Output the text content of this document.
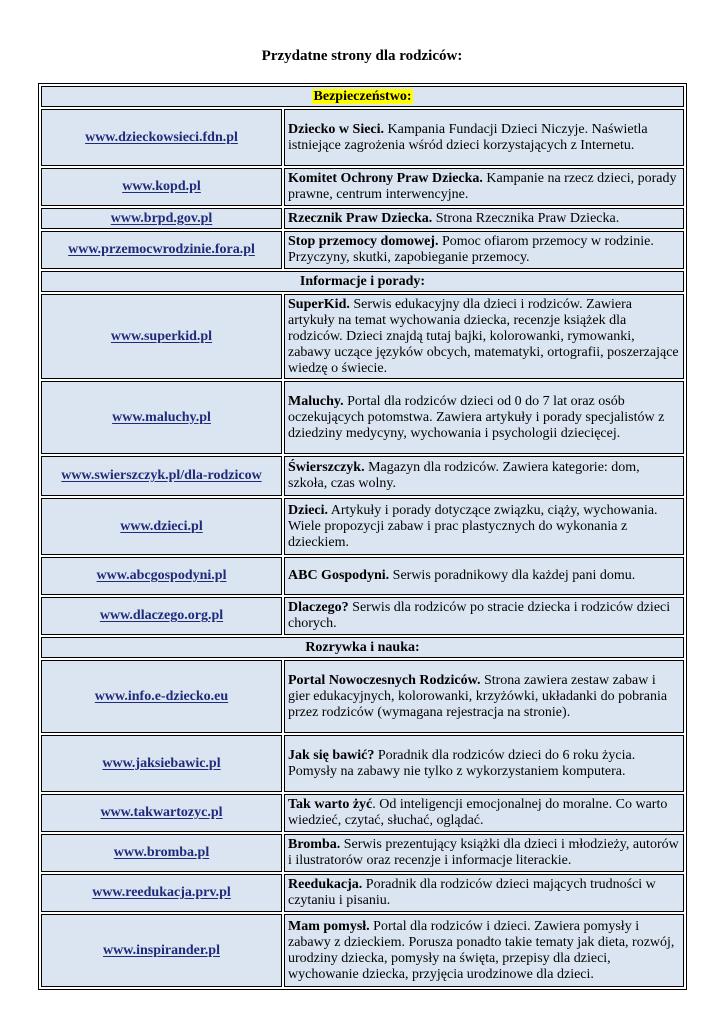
Przydatne strony dla rodziców:
Bezpieczeństwo:	
www.dzieckowsieci.fdn.pl	Dziecko w Sieci. Kampania Fundacji Dzieci Niczyje. Naświetla istniejące zagrożenia wśród dzieci korzystających z Internetu.
www.kopd.pl	Komitet Ochrony Praw Dziecka. Kampanie na rzecz dzieci, porady prawne, centrum interwencyjne.
www.brpd.gov.pl	Rzecznik Praw Dziecka. Strona Rzecznika Praw Dziecka.
www.przemocwrodzinie.fora.pl	Stop przemocy domowej. Pomoc ofiarom przemocy w rodzinie. Przyczyny, skutki, zapobieganie przemocy.
Informacje i porady:	
www.superkid.pl	SuperKid. Serwis edukacyjny dla dzieci i rodziców. Zawiera artykuły na temat wychowania dziecka, recenzje książek dla rodziców. Dzieci znajdą tutaj bajki, kolorowanki, rymowanki, zabawy uczące języków obcych, matematyki, ortografii, poszerzające wiedzę o świecie.
www.maluchy.pl	Maluchy. Portal dla rodziców dzieci od 0 do 7 lat oraz osób oczekujących potomstwa. Zawiera artykuły i porady specjalistów z dziedziny medycyny, wychowania i psychologii dziecięcej.
www.swierszczyk.pl/dla-rodzicow	Świerszczyk. Magazyn dla rodziców. Zawiera kategorie: dom, szkoła, czas wolny.
www.dzieci.pl	Dzieci. Artykuły i porady dotyczące związku, ciąży, wychowania. Wiele propozycji zabaw i prac plastycznych do wykonania z dzieckiem.
www.abcgospodyni.pl	ABC Gospodyni. Serwis poradnikowy dla każdej pani domu.
www.dlaczego.org.pl	Dlaczego? Serwis dla rodziców po stracie dziecka i rodziców dzieci chorych.
Rozrywka i nauka:	
www.info.e-dziecko.eu	Portal Nowoczesnych Rodziców. Strona zawiera zestaw zabaw i gier edukacyjnych, kolorowanki, krzyżówki, układanki do pobrania przez rodziców (wymagana rejestracja na stronie).
www.jaksiebawic.pl	Jak się bawić? Poradnik dla rodziców dzieci do 6 roku życia. Pomysły na zabawy nie tylko z wykorzystaniem komputera.
www.takwartozyc.pl	Tak warto żyć. Od inteligencji emocjonalnej do moralne. Co warto wiedzieć, czytać, słuchać, oglądać.
www.bromba.pl	Bromba. Serwis prezentujący książki dla dzieci i młodzieży, autorów i ilustratorów oraz recenzje i informacje literackie.
www.reedukacja.prv.pl	Reedukacja. Poradnik dla rodziców dzieci mających trudności w czytaniu i pisaniu.
www.inspirander.pl	Mam pomysł. Portal dla rodziców i dzieci. Zawiera pomysły i zabawy z dzieckiem. Porusza ponadto takie tematy jak dieta, rozwój, urodziny dziecka, pomysły na święta, przepisy dla dzieci, wychowanie dziecka, przyjęcia urodzinowe dla dzieci.
